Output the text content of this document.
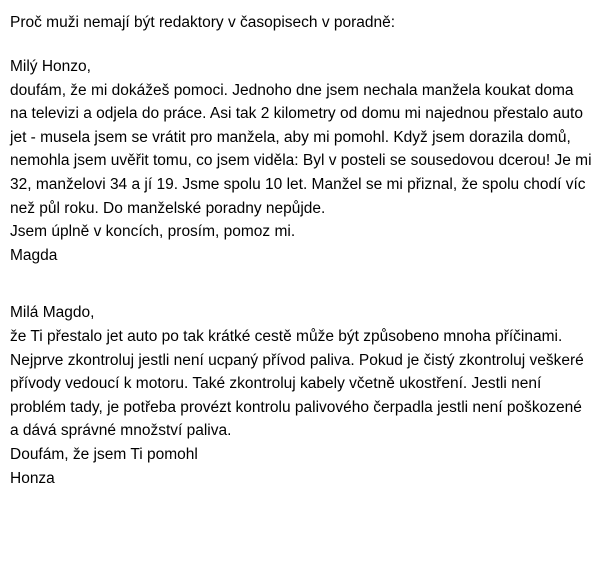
Proč muži nemají být redaktory v časopisech v poradně:

Milý Honzo,

doufám, že mi dokážeš pomoci. Jednoho dne jsem nechala manžela koukat doma na televizi a odjela do práce. Asi tak 2 kilometry od domu mi najednou přestalo auto jet - musela jsem se vrátit pro manžela, aby mi pomohl. Když jsem dorazila domů, nemohla jsem uvěřit tomu, co jsem viděla: Byl v posteli se sousedovou dcerou! Je mi 32, manželovi 34 a jí 19. Jsme spolu 10 let. Manžel se mi přiznal, že spolu chodí víc než půl roku. Do manželské poradny nepůjde.

Jsem úplně v koncích, prosím, pomoz mi.

Magda

Milá Magdo,

že Ti přestalo jet auto po tak krátké cestě může být způsobeno mnoha příčinami. Nejprve zkontroluj jestli není ucpaný přívod paliva. Pokud je čistý zkontroluj veškeré přívody vedoucí k motoru. Také zkontroluj kabely včetně ukostření. Jestli není problém tady, je potřeba provézt kontrolu palivového čerpadla jestli není poškozené a dává správné množství paliva.

Doufám, že jsem Ti pomohl

Honza
